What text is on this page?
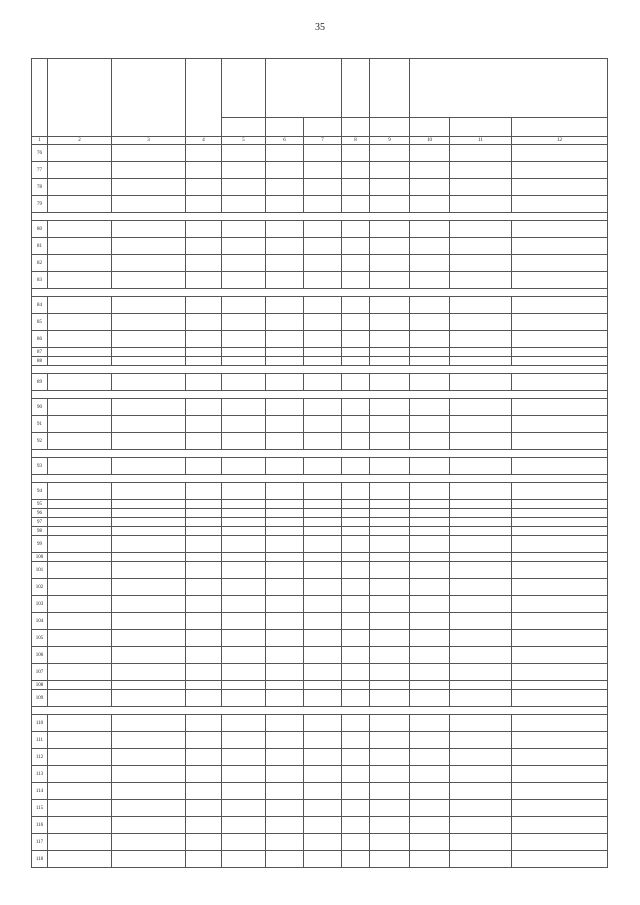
35

1	2	3	4	5	6	7	8	9	10	11	12
76											
77											
78											
79											

80											
81											
82											
83											

84											
85											
86											
87											
88											

89											

90											
91											
92											

93											

94											
95											
96											
97											
98											
99											
100											
101											
102											
103											
104											
105											
106											
107											
108											
109											

110											
111											
112											
113											
114											
115											
116											
117											
118											
